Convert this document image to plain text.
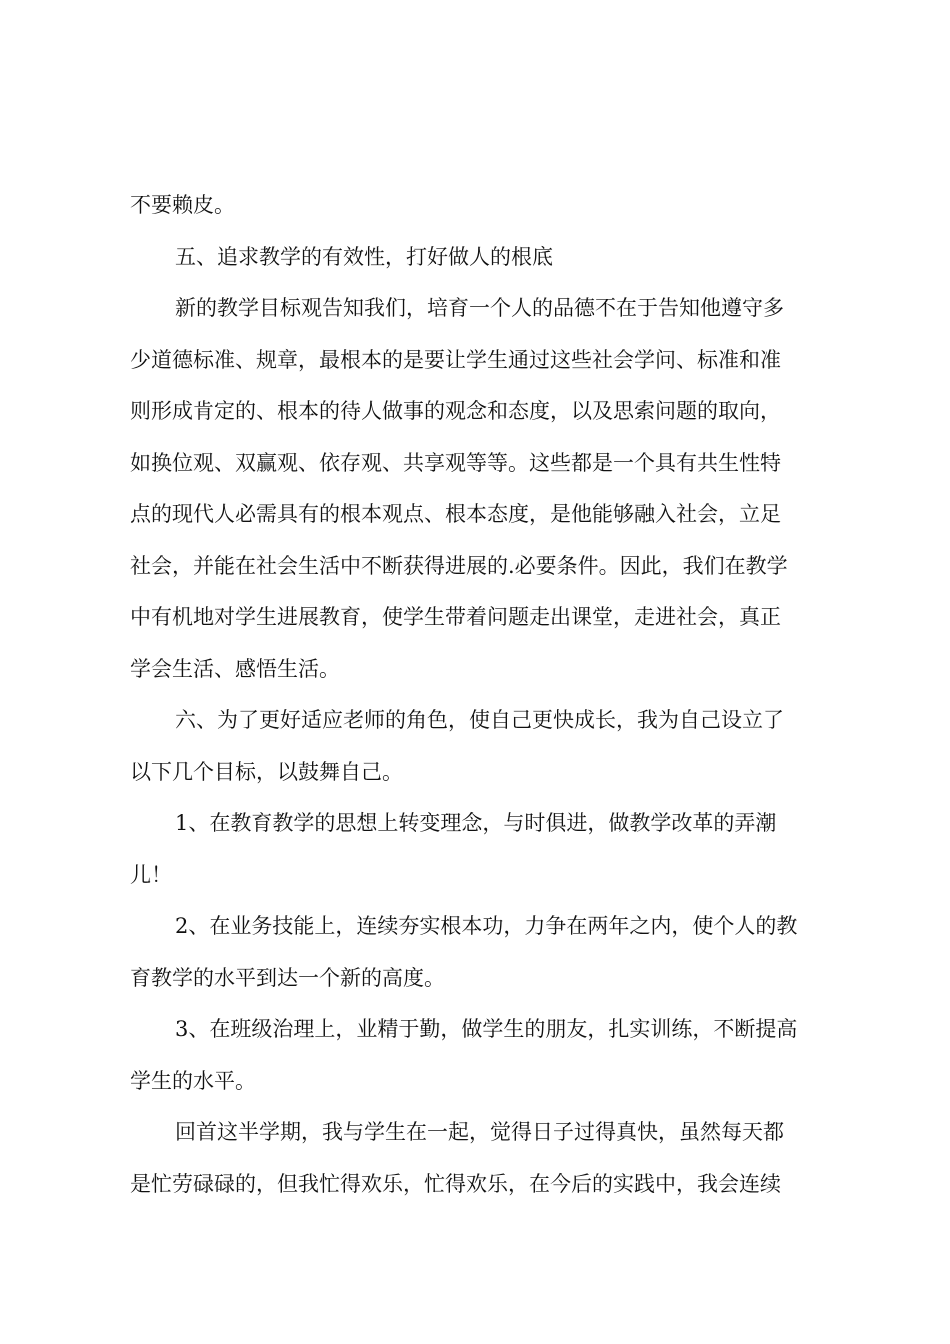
不要赖皮。
五、追求教学的有效性，打好做人的根底
新的教学目标观告知我们，培育一个人的品德不在于告知他遵守多
少道德标准、规章，最根本的是要让学生通过这些社会学问、标准和准
则形成肯定的、根本的待人做事的观念和态度，以及思索问题的取向，
如换位观、双赢观、依存观、共享观等等。这些都是一个具有共生性特
点的现代人必需具有的根本观点、根本态度，是他能够融入社会，立足
社会，并能在社会生活中不断获得进展的.必要条件。因此，我们在教学
中有机地对学生进展教育，使学生带着问题走出课堂，走进社会，真正
学会生活、感悟生活。
六、为了更好适应老师的角色，使自己更快成长，我为自己设立了
以下几个目标，以鼓舞自己。
1、在教育教学的思想上转变理念，与时俱进，做教学改革的弄潮
儿！
2、在业务技能上，连续夯实根本功，力争在两年之内，使个人的教
育教学的水平到达一个新的高度。
3、在班级治理上，业精于勤，做学生的朋友，扎实训练，不断提高
学生的水平。
回首这半学期，我与学生在一起，觉得日子过得真快，虽然每天都
是忙劳碌碌的，但我忙得欢乐，忙得欢乐，在今后的实践中，我会连续
